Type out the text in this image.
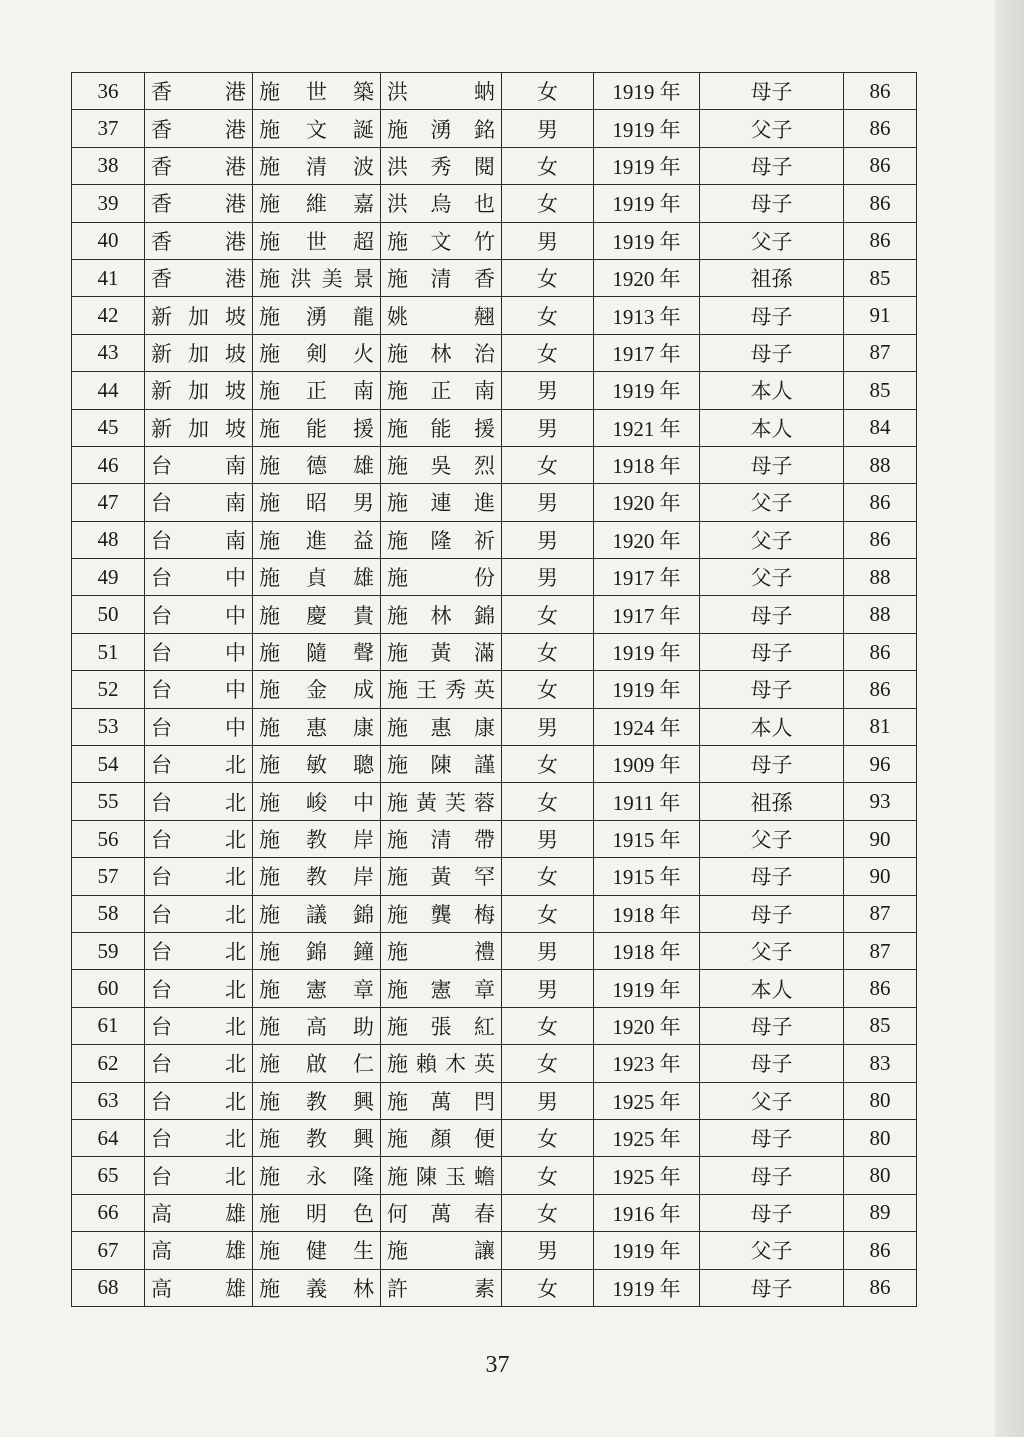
36	香 港	施 世 築	洪 蚋	女	1919 年	母子	86
37	香 港	施 文 誕	施 湧 銘	男	1919 年	父子	86
38	香 港	施 清 波	洪 秀 閱	女	1919 年	母子	86
39	香 港	施 維 嘉	洪 烏 也	女	1919 年	母子	86
40	香 港	施 世 超	施 文 竹	男	1919 年	父子	86
41	香 港	施 洪 美 景	施 清 香	女	1920 年	祖孫	85
42	新 加 坡	施 湧 龍	姚 翹	女	1913 年	母子	91
43	新 加 坡	施 剣 火	施 林 治	女	1917 年	母子	87
44	新 加 坡	施 正 南	施 正 南	男	1919 年	本人	85
45	新 加 坡	施 能 援	施 能 援	男	1921 年	本人	84
46	台 南	施 德 雄	施 吳 烈	女	1918 年	母子	88
47	台 南	施 昭 男	施 連 進	男	1920 年	父子	86
48	台 南	施 進 益	施 隆 祈	男	1920 年	父子	86
49	台 中	施 貞 雄	施 份	男	1917 年	父子	88
50	台 中	施 慶 貴	施 林 錦	女	1917 年	母子	88
51	台 中	施 隨 聲	施 黃 滿	女	1919 年	母子	86
52	台 中	施 金 成	施 王 秀 英	女	1919 年	母子	86
53	台 中	施 惠 康	施 惠 康	男	1924 年	本人	81
54	台 北	施 敏 聰	施 陳 謹	女	1909 年	母子	96
55	台 北	施 峻 中	施 黃 芙 蓉	女	1911 年	祖孫	93
56	台 北	施 教 岸	施 清 帶	男	1915 年	父子	90
57	台 北	施 教 岸	施 黃 罕	女	1915 年	母子	90
58	台 北	施 議 錦	施 龔 梅	女	1918 年	母子	87
59	台 北	施 錦 鐘	施 禮	男	1918 年	父子	87
60	台 北	施 憲 章	施 憲 章	男	1919 年	本人	86
61	台 北	施 高 助	施 張 紅	女	1920 年	母子	85
62	台 北	施 啟 仁	施 賴 木 英	女	1923 年	母子	83
63	台 北	施 教 興	施 萬 閂	男	1925 年	父子	80
64	台 北	施 教 興	施 顏 便	女	1925 年	母子	80
65	台 北	施 永 隆	施 陳 玉 蟾	女	1925 年	母子	80
66	高 雄	施 明 色	何 萬 春	女	1916 年	母子	89
67	高 雄	施 健 生	施 讓	男	1919 年	父子	86
68	高 雄	施 義 林	許 素	女	1919 年	母子	86
37
